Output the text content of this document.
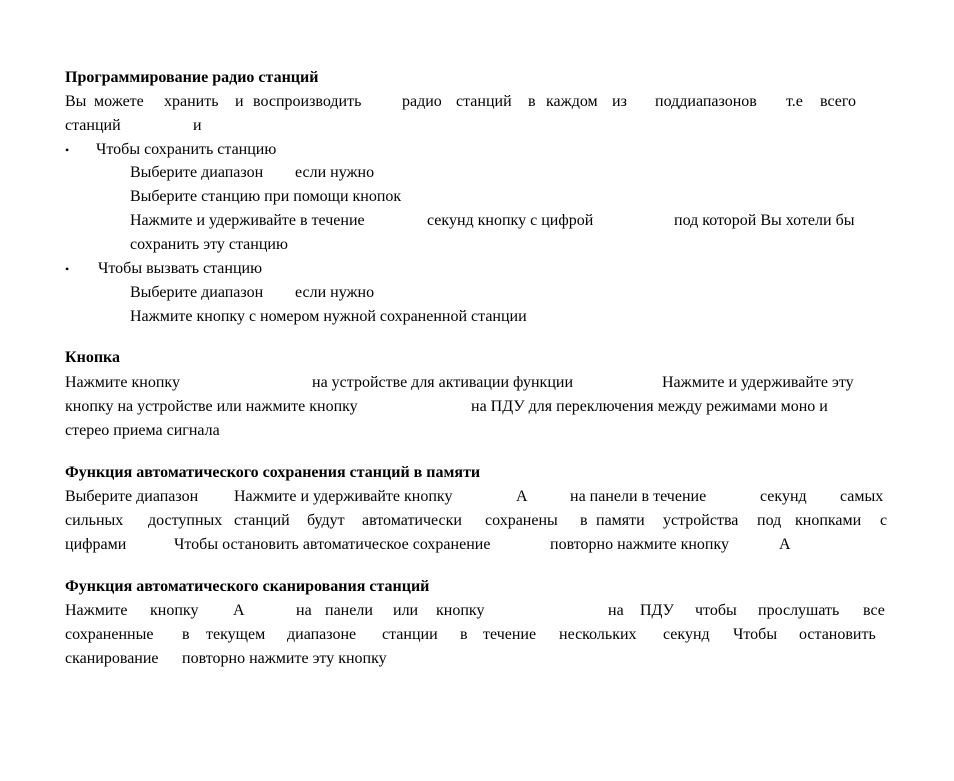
Программирование радио станций
Вы можете хранить и воспроизводить	радио станций в каждом из поддиапазонов т.е всего
станций	и
• Чтобы сохранить станцию
Выберите диапазон если нужно
Выберите станцию при помощи кнопок
Нажмите и удерживайте в течение	секунд кнопку с цифрой	под которой Вы хотели бы
сохранить эту станцию
• Чтобы вызвать станцию
Выберите диапазон если нужно
Нажмите кнопку с номером нужной сохраненной станции
Кнопка
Нажмите кнопку	на устройстве для активации функции	Нажмите и удерживайте эту
кнопку на устройстве или нажмите кнопку	на ПДУ для переключения между режимами моно и
стерео приема сигнала
Функция автоматического сохранения станций в памяти
Выберите диапазон Нажмите и удерживайте кнопку	A	на панели в течение	секунд самых
сильных доступных станций будут автоматически сохранены в памяти устройства под кнопками с
цифрами	Чтобы остановить автоматическое сохранение	повторно нажмите кнопку	A
Функция автоматического сканирования станций
Нажмите кнопку A	на панели или кнопку	на ПДУ чтобы прослушать все
сохраненные в текущем диапазоне станции в течение нескольких секунд Чтобы остановить
сканирование повторно нажмите эту кнопку
